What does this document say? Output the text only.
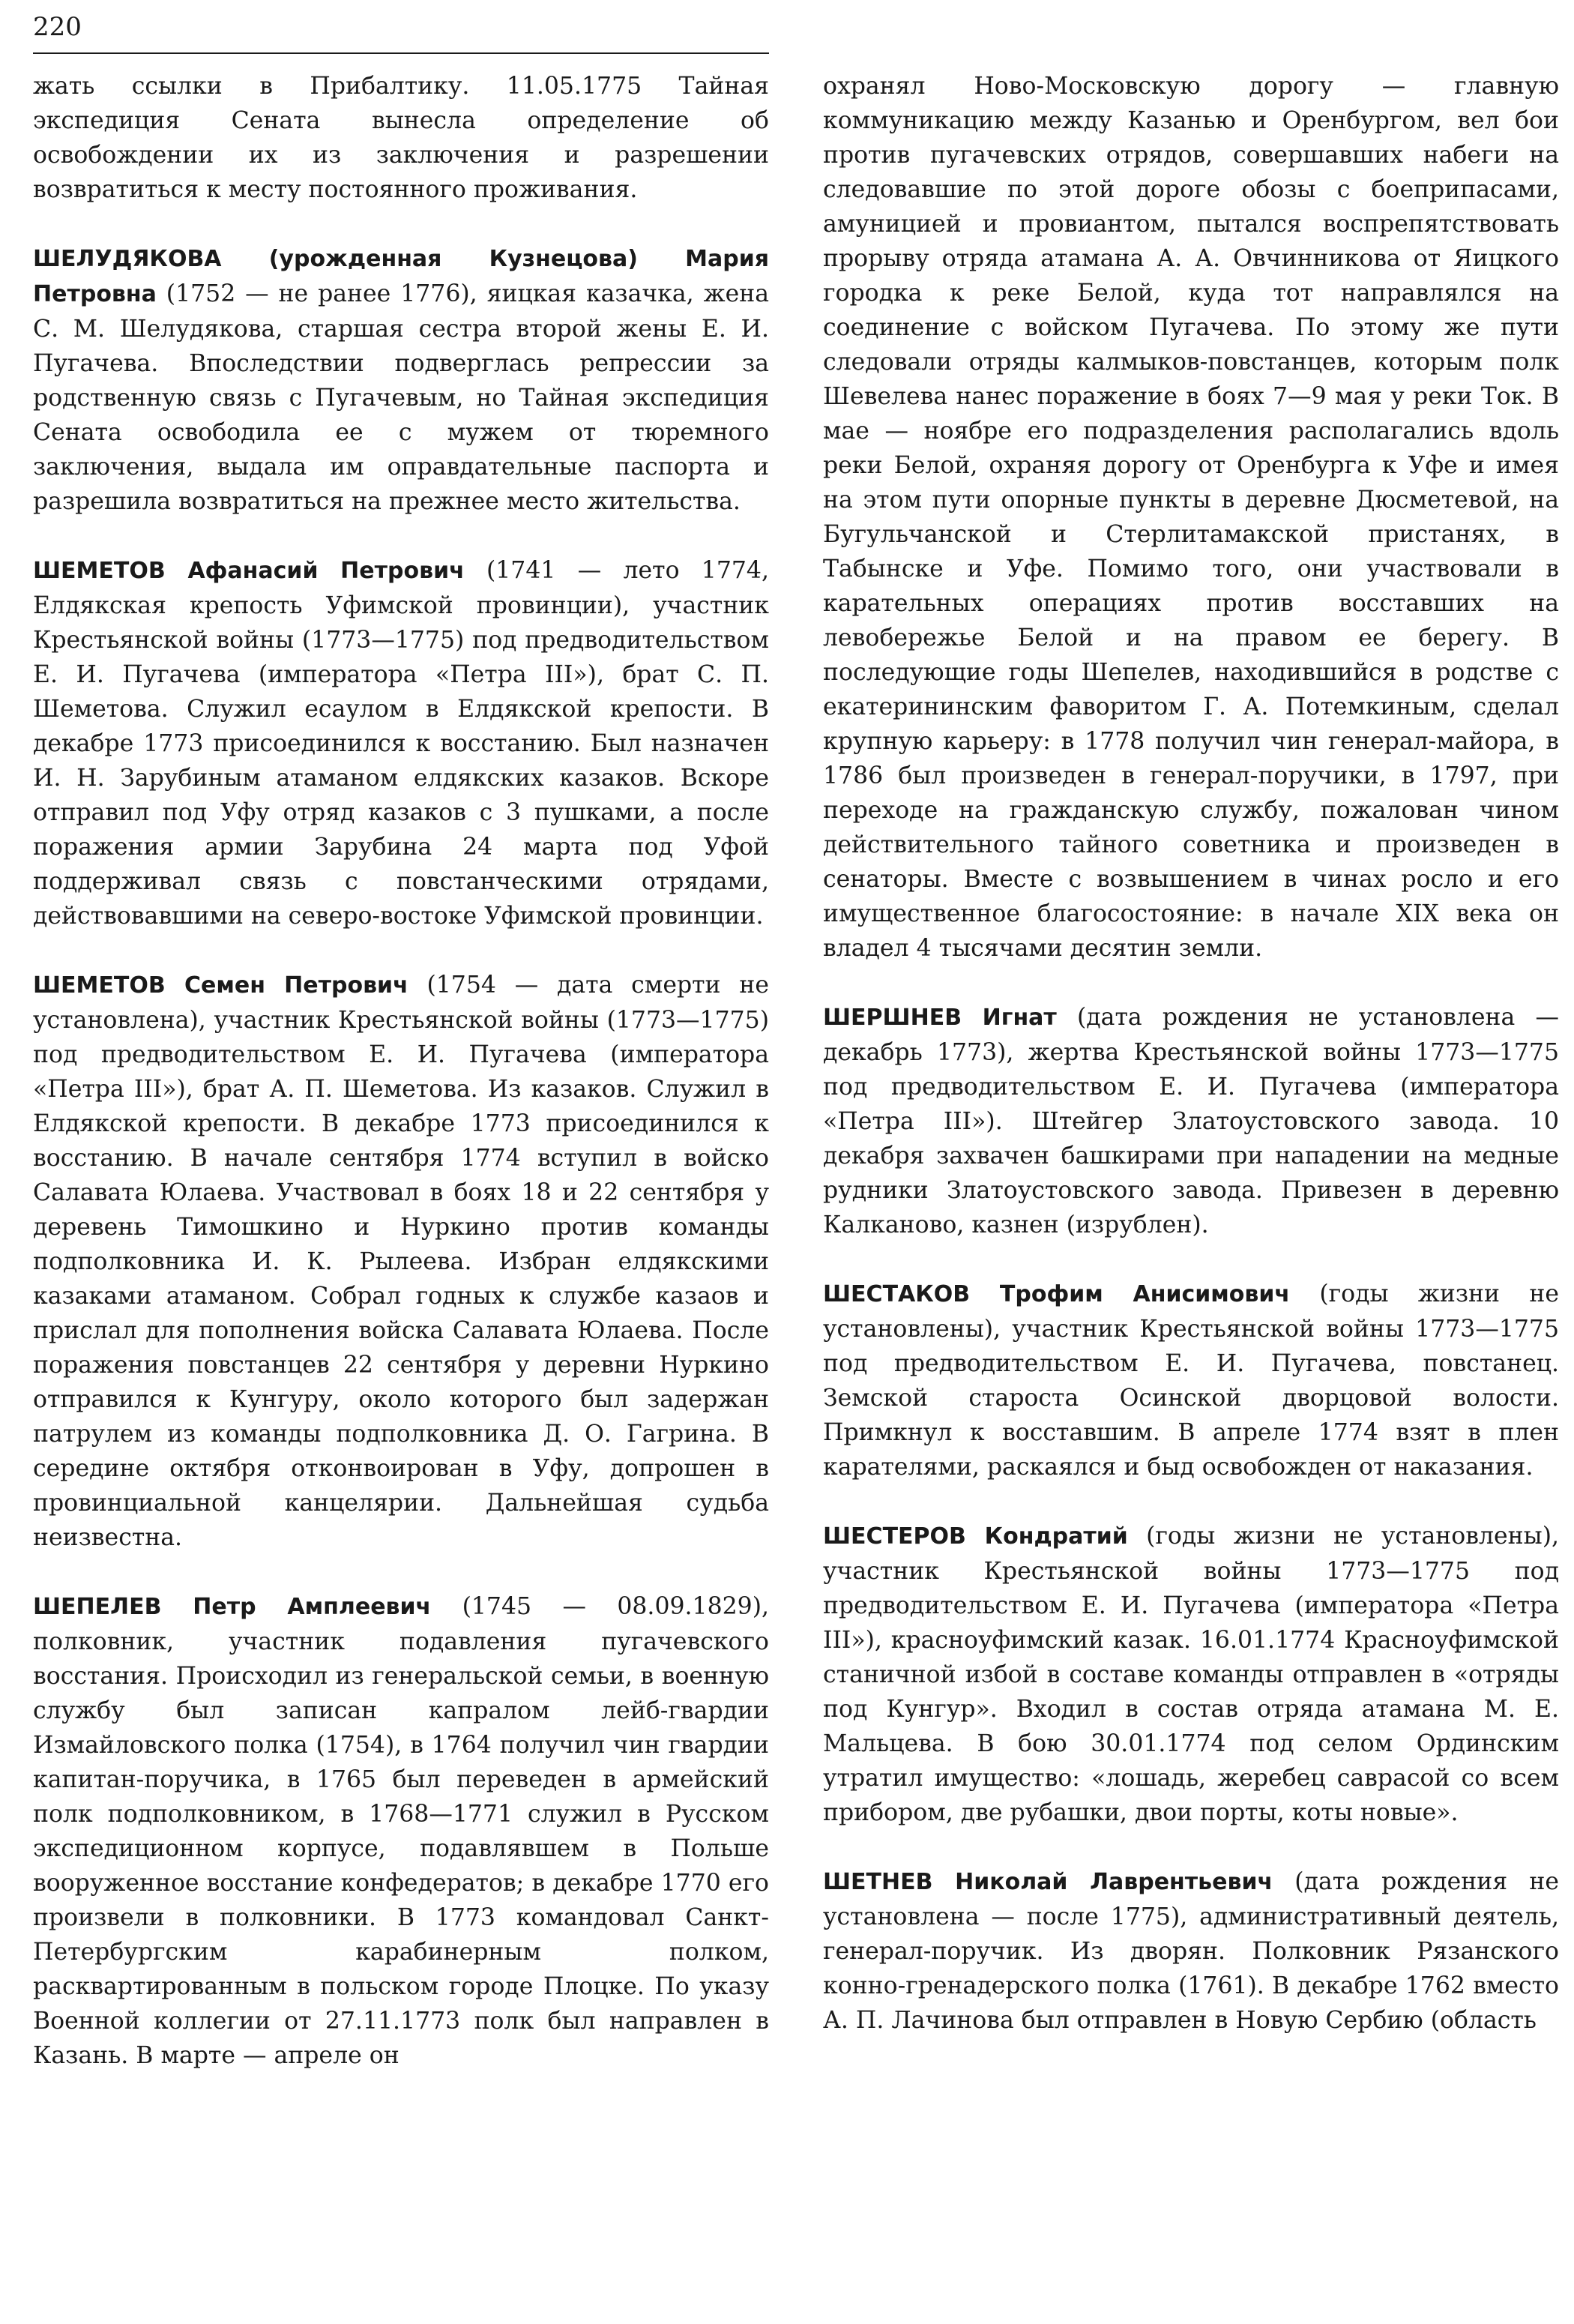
220

жать ссылки в Прибалтику. 11.05.1775 Тайная экспедиция Сената вынесла определение об освобождении их из заключения и разрешении возвратиться к месту постоянного проживания.

ШЕЛУДЯКОВА (урожденная Кузнецова) Мария Петровна (1752 — не ранее 1776), яицкая казачка, жена С. М. Шелудякова, старшая сестра второй жены Е. И. Пугачева. Впоследствии подверглась репрессии за родственную связь с Пугачевым, но Тайная экспедиция Сената освободила ее с мужем от тюремного заключения, выдала им оправдательные паспорта и разрешила возвратиться на прежнее место жительства.

ШЕМЕТОВ Афанасий Петрович (1741 — лето 1774, Елдякская крепость Уфимской провинции), участник Крестьянской войны (1773—1775) под предводительством Е. И. Пугачева (императора «Петра III»), брат С. П. Шеметова. Служил есаулом в Елдякской крепости. В декабре 1773 присоединился к восстанию. Был назначен И. Н. Зарубиным атаманом елдякских казаков. Вскоре отправил под Уфу отряд казаков с 3 пушками, а после поражения армии Зарубина 24 марта под Уфой поддерживал связь с повстанческими отрядами, действовавшими на северо-востоке Уфимской провинции.

ШЕМЕТОВ Семен Петрович (1754 — дата смерти не установлена), участник Крестьянской войны (1773—1775) под предводительством Е. И. Пугачева (императора «Петра III»), брат А. П. Шеметова. Из казаков. Служил в Елдякской крепости. В декабре 1773 присоединился к восстанию. В начале сентября 1774 вступил в войско Салавата Юлаева. Участвовал в боях 18 и 22 сентября у деревень Тимошкино и Нуркино против команды подполковника И. К. Рылеева. Избран елдякскими казаками атаманом. Собрал годных к службе казаов и прислал для пополнения войска Салавата Юлаева. После поражения повстанцев 22 сентября у деревни Нуркино отправился к Кунгуру, около которого был задержан патрулем из команды подполковника Д. О. Гагрина. В середине октября отконвоирован в Уфу, допрошен в провинциальной канцелярии. Дальнейшая судьба неизвестна.

ШЕПЕЛЕВ Петр Амплеевич (1745 — 08.09.1829), полковник, участник подавления пугачевского восстания. Происходил из генеральской семьи, в военную службу был записан капралом лейб-гвардии Измайловского полка (1754), в 1764 получил чин гвардии капитан-поручика, в 1765 был переведен в армейский полк подполковником, в 1768—1771 служил в Русском экспедиционном корпусе, подавлявшем в Польше вооруженное восстание конфедератов; в декабре 1770 его произвели в полковники. В 1773 командовал Санкт-Петербургским карабинерным полком, расквартированным в польском городе Плоцке. По указу Военной коллегии от 27.11.1773 полк был направлен в Казань. В марте — апреле он

охранял Ново-Московскую дорогу — главную коммуникацию между Казанью и Оренбургом, вел бои против пугачевских отрядов, совершавших набеги на следовавшие по этой дороге обозы с боеприпасами, амуницией и провиантом, пытался воспрепятствовать прорыву отряда атамана А. А. Овчинникова от Яицкого городка к реке Белой, куда тот направлялся на соединение с войском Пугачева. По этому же пути следовали отряды калмыков-повстанцев, которым полк Шевелева нанес поражение в боях 7—9 мая у реки Ток. В мае — ноябре его подразделения располагались вдоль реки Белой, охраняя дорогу от Оренбурга к Уфе и имея на этом пути опорные пункты в деревне Дюсметевой, на Бугульчанской и Стерлитамакской пристанях, в Табынске и Уфе. Помимо того, они участвовали в карательных операциях против восставших на левобережье Белой и на правом ее берегу. В последующие годы Шепелев, находившийся в родстве с екатерининским фаворитом Г. А. Потемкиным, сделал крупную карьеру: в 1778 получил чин генерал-майора, в 1786 был произведен в генерал-поручики, в 1797, при переходе на гражданскую службу, пожалован чином действительного тайного советника и произведен в сенаторы. Вместе с возвышением в чинах росло и его имущественное благосостояние: в начале XIX века он владел 4 тысячами десятин земли.

ШЕРШНЕВ Игнат (дата рождения не установлена — декабрь 1773), жертва Крестьянской войны 1773—1775 под предводительством Е. И. Пугачева (императора «Петра III»). Штейгер Златоустовского завода. 10 декабря захвачен башкирами при нападении на медные рудники Златоустовского завода. Привезен в деревню Калканово, казнен (изрублен).

ШЕСТАКОВ Трофим Анисимович (годы жизни не установлены), участник Крестьянской войны 1773—1775 под предводительством Е. И. Пугачева, повстанец. Земской староста Осинской дворцовой волости. Примкнул к восставшим. В апреле 1774 взят в плен карателями, раскаялся и быд освобожден от наказания.

ШЕСТЕРОВ Кондратий (годы жизни не установлены), участник Крестьянской войны 1773—1775 под предводительством Е. И. Пугачева (императора «Петра III»), красноуфимский казак. 16.01.1774 Красноуфимской станичной избой в составе команды отправлен в «отряды под Кунгур». Входил в состав отряда атамана М. Е. Мальцева. В бою 30.01.1774 под селом Ординским утратил имущество: «лошадь, жеребец саврасой со всем прибором, две рубашки, двои порты, коты новые».

ШЕТНЕВ Николай Лаврентьевич (дата рождения не установлена — после 1775), административный деятель, генерал-поручик. Из дворян. Полковник Рязанского конно-гренадерского полка (1761). В декабре 1762 вместо А. П. Лачинова был отправлен в Новую Сербию (область
